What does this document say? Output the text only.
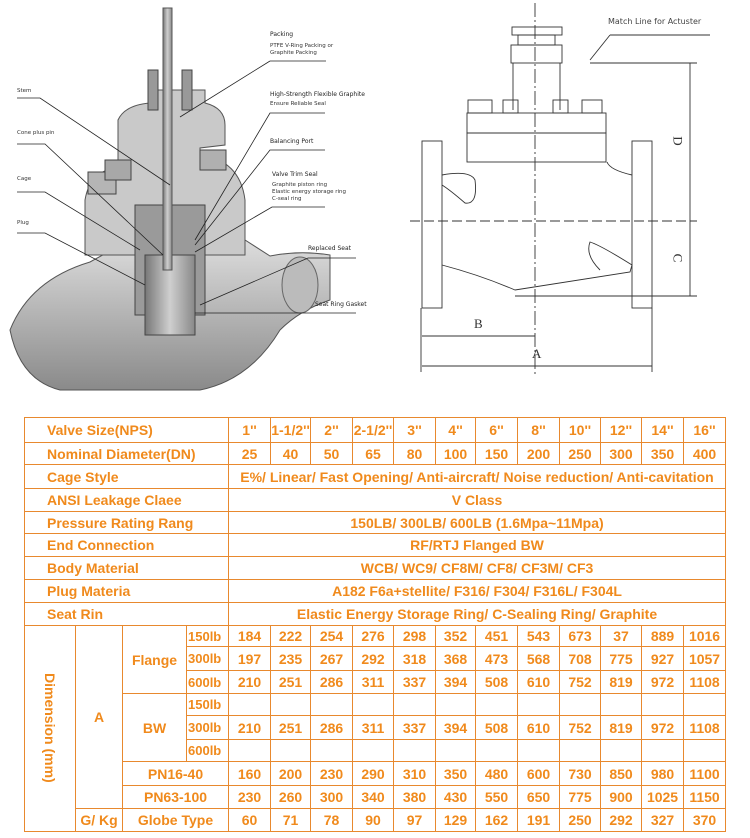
Stem
Cone plus pin
Cage
Plug
Packing
PTFE V-Ring Packing or
Graphite Packing
High-Strength Flexible Graphite
Ensure Reliable Seal
Balancing Port
Valve Trim Seal
Graphite piston ring
Elastic energy storage ring
C-seal ring
Replaced Seat
Seat Ring Gasket
Match Line for Actuster
D
C
B
A
Valve Size(NPS)				1''	1-1/2''	2''	2-1/2''	3''	4''	6''	8''	10''	12''	14''	16''
Nominal Diameter(DN)				25	40	50	65	80	100	150	200	250	300	350	400
Cage Style				E%/ Linear/ Fast Opening/ Anti-aircraft/ Noise reduction/ Anti-cavitation											
ANSI Leakage Claee				V Class											
Pressure Rating Rang				150LB/ 300LB/ 600LB (1.6Mpa~11Mpa)											
End Connection				RF/RTJ Flanged BW											
Body Material				WCB/ WC9/ CF8M/ CF8/ CF3M/ CF3											
Plug Materia				A182 F6a+stellite/ F316/ F304/ F316L/ F304L											
Seat Rin				Elastic Energy Storage Ring/ C-Sealing Ring/ Graphite											
Dimension (mm)	A	Flange	150lb	184	222	254	276	298	352	451	543	673	37	889	1016
			300lb	197	235	267	292	318	368	473	568	708	775	927	1057
			600lb	210	251	286	311	337	394	508	610	752	819	972	1108
		BW	150lb												
			300lb	210	251	286	311	337	394	508	610	752	819	972	1108
			600lb												
		PN16-40		160	200	230	290	310	350	480	600	730	850	980	1100
		PN63-100		230	260	300	340	380	430	550	650	775	900	1025	1150
	G/ Kg	Globe Type		60	71	78	90	97	129	162	191	250	292	327	370
